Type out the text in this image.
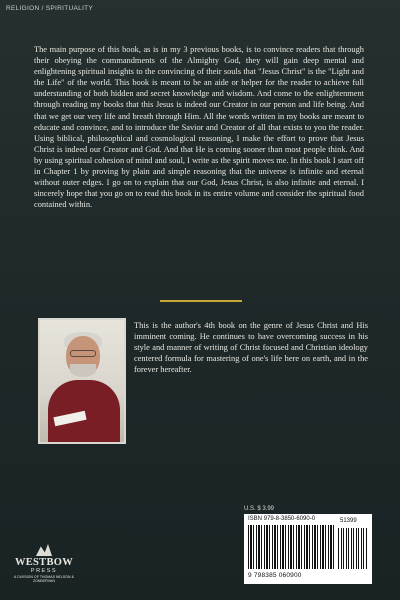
RELIGION / SPIRITUALITY

The main purpose of this book, as is in my 3 previous books, is to convince readers that through their obeying the commandments of the Almighty God, they will gain deep mental and enlightening spiritual insights to the convincing of their souls that "Jesus Christ" is the "Light and the Life" of the world. This book is meant to be an aide or helper for the reader to achieve full understanding of both hidden and secret knowledge and wisdom. And come to the enlightenment through reading my books that this Jesus is indeed our Creator in our person and life being. And that we get our very life and breath through Him. All the words written in my books are meant to educate and convince, and to introduce the Savior and Creator of all that exists to you the reader. Using biblical, philosophical and cosmological reasoning, I make the effort to prove that Jesus Christ is indeed our Creator and God. And that He is coming sooner than most people think. And by using spiritual cohesion of mind and soul, I write as the spirit moves me. In this book I start off in Chapter 1 by proving by plain and simple reasoning that the universe is infinite and eternal without outer edges. I go on to explain that our God, Jesus Christ, is also infinite and eternal. I sincerely hope that you go on to read this book in its entire volume and consider the spiritual food contained within.

This is the author's 4th book on the genre of Jesus Christ and His imminent coming. He continues to have overcoming success in his style and manner of writing of Christ focused and Christian ideology centered formula for mastering of one's life here on earth, and in the forever hereafter.

U.S. $ 3.99
ISBN 979-8-3850-6090-0	51399
9 798385 060900
WESTBOW
PRESS
A DIVISION OF THOMAS NELSON & ZONDERVAN
